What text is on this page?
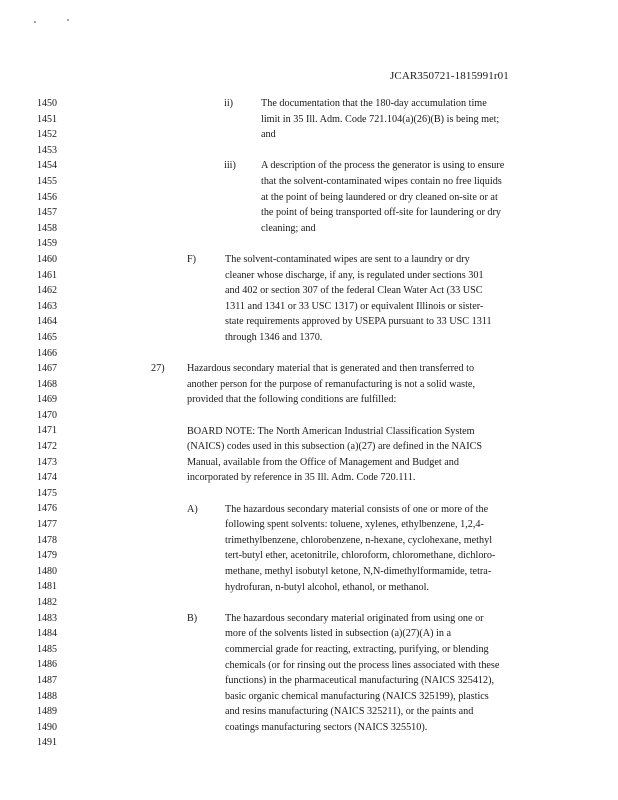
JCAR350721-1815991r01
1450
1451
1452
1453
1454
1455
1456
1457
1458
1459
1460
1461
1462
1463
1464
1465
1466
1467
1468
1469
1470
1471
1472
1473
1474
1475
1476
1477
1478
1479
1480
1481
1482
1483
1484
1485
1486
1487
1488
1489
1490
1491
ii)	The documentation that the 180-day accumulation time
limit in 35 Ill. Adm. Code 721.104(a)(26)(B) is being met;
and
iii) A description of the process the generator is using to ensure
that the solvent-contaminated wipes contain no free liquids
at the point of being laundered or dry cleaned on-site or at
the point of being transported off-site for laundering or dry
cleaning; and
F)	The solvent-contaminated wipes are sent to a laundry or dry
cleaner whose discharge, if any, is regulated under sections 301
and 402 or section 307 of the federal Clean Water Act (33 USC
1311 and 1341 or 33 USC 1317) or equivalent Illinois or sister-
state requirements approved by USEPA pursuant to 33 USC 1311
through 1346 and 1370.
27) Hazardous secondary material that is generated and then transferred to
another person for the purpose of remanufacturing is not a solid waste,
provided that the following conditions are fulfilled:
BOARD NOTE: The North American Industrial Classification System
(NAICS) codes used in this subsection (a)(27) are defined in the NAICS
Manual, available from the Office of Management and Budget and
incorporated by reference in 35 Ill. Adm. Code 720.111.
A)	The hazardous secondary material consists of one or more of the
following spent solvents: toluene, xylenes, ethylbenzene, 1,2,4-
trimethylbenzene, chlorobenzene, n-hexane, cyclohexane, methyl
tert-butyl ether, acetonitrile, chloroform, chloromethane, dichloro-
methane, methyl isobutyl ketone, N,N-dimethylformamide, tetra-
hydrofuran, n-butyl alcohol, ethanol, or methanol.
B)	The hazardous secondary material originated from using one or
more of the solvents listed in subsection (a)(27)(A) in a
commercial grade for reacting, extracting, purifying, or blending
chemicals (or for rinsing out the process lines associated with these
functions) in the pharmaceutical manufacturing (NAICS 325412),
basic organic chemical manufacturing (NAICS 325199), plastics
and resins manufacturing (NAICS 325211), or the paints and
coatings manufacturing sectors (NAICS 325510).
